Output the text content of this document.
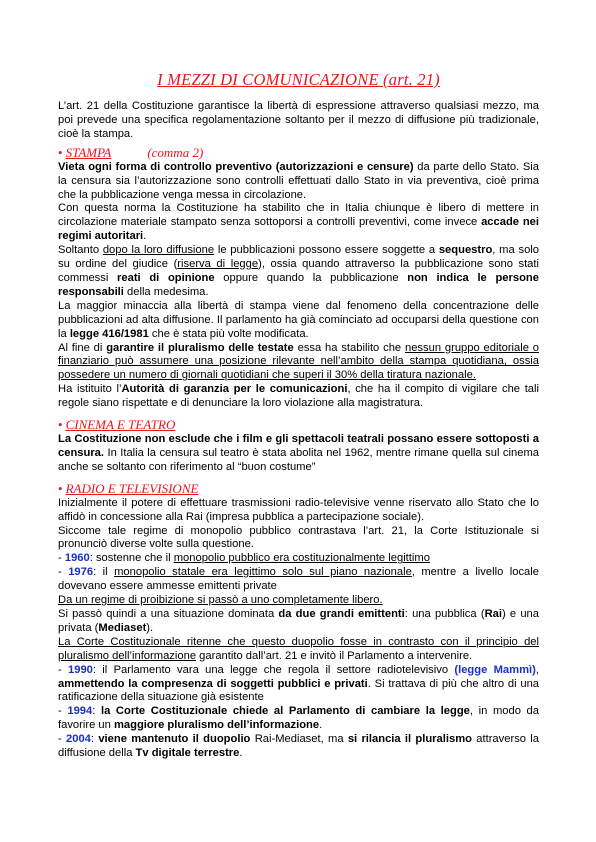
I MEZZI DI COMUNICAZIONE (art. 21)

L’art. 21 della Costituzione garantisce la libertà di espressione attraverso qualsiasi mezzo, ma poi prevede una specifica regolamentazione soltanto per il mezzo di diffusione più tradizionale, cioè la stampa.

• STAMPA	(comma 2)

Vieta ogni forma di controllo preventivo (autorizzazioni e censure) da parte dello Stato. Sia la censura sia l’autorizzazione sono controlli effettuati dallo Stato in via preventiva, cioè prima che la pubblicazione venga messa in circolazione.

Con questa norma la Costituzione ha stabilito che in Italia chiunque è libero di mettere in circolazione materiale stampato senza sottoporsi a controlli preventivi, come invece accade nei regimi autoritari.

Soltanto dopo la loro diffusione le pubblicazioni possono essere soggette a sequestro, ma solo su ordine del giudice (riserva di legge), ossia quando attraverso la pubblicazione sono stati commessi reati di opinione oppure quando la pubblicazione non indica le persone responsabili della medesima.

La maggior minaccia alla libertà di stampa viene dal fenomeno della concentrazione delle pubblicazioni ad alta diffusione. Il parlamento ha già cominciato ad occuparsi della questione con la legge 416/1981 che è stata più volte modificata.

Al fine di garantire il pluralismo delle testate essa ha stabilito che nessun gruppo editoriale o finanziario può assumere una posizione rilevante nell’ambito della stampa quotidiana, ossia possedere un numero di giornali quotidiani che superi il 30% della tiratura nazionale.

Ha istituito l’Autorità di garanzia per le comunicazioni, che ha il compito di vigilare che tali regole siano rispettate e di denunciare la loro violazione alla magistratura.

• CINEMA E TEATRO

La Costituzione non esclude che i film e gli spettacoli teatrali possano essere sottoposti a censura. In Italia la censura sul teatro è stata abolita nel 1962, mentre rimane quella sul cinema anche se soltanto con riferimento al “buon costume”

• RADIO E TELEVISIONE

Inizialmente il potere di effettuare trasmissioni radio-televisive venne riservato allo Stato che lo affidò in concessione alla Rai (impresa pubblica a partecipazione sociale).

Siccome tale regime di monopolio pubblico contrastava l’art. 21, la Corte Istituzionale si pronunciò diverse volte sulla questione.

- 1960: sostenne che il monopolio pubblico era costituzionalmente legittimo

- 1976: il monopolio statale era legittimo solo sul piano nazionale, mentre a livello locale dovevano essere ammesse emittenti private

Da un regime di proibizione si passò a uno completamente libero.

Si passò quindi a una situazione dominata da due grandi emittenti: una pubblica (Rai) e una privata (Mediaset).

La Corte Costituzionale ritenne che questo duopolio fosse in contrasto con il principio del pluralismo dell’informazione garantito dall’art. 21 e invitò il Parlamento a intervenire.

- 1990: il Parlamento vara una legge che regola il settore radiotelevisivo (legge Mammì), ammettendo la compresenza di soggetti pubblici e privati. Si trattava di più che altro di una ratificazione della situazione già esistente

- 1994: la Corte Costituzionale chiede al Parlamento di cambiare la legge, in modo da favorire un maggiore pluralismo dell’informazione.

- 2004: viene mantenuto il duopolio Rai-Mediaset, ma si rilancia il pluralismo attraverso la diffusione della Tv digitale terrestre.
